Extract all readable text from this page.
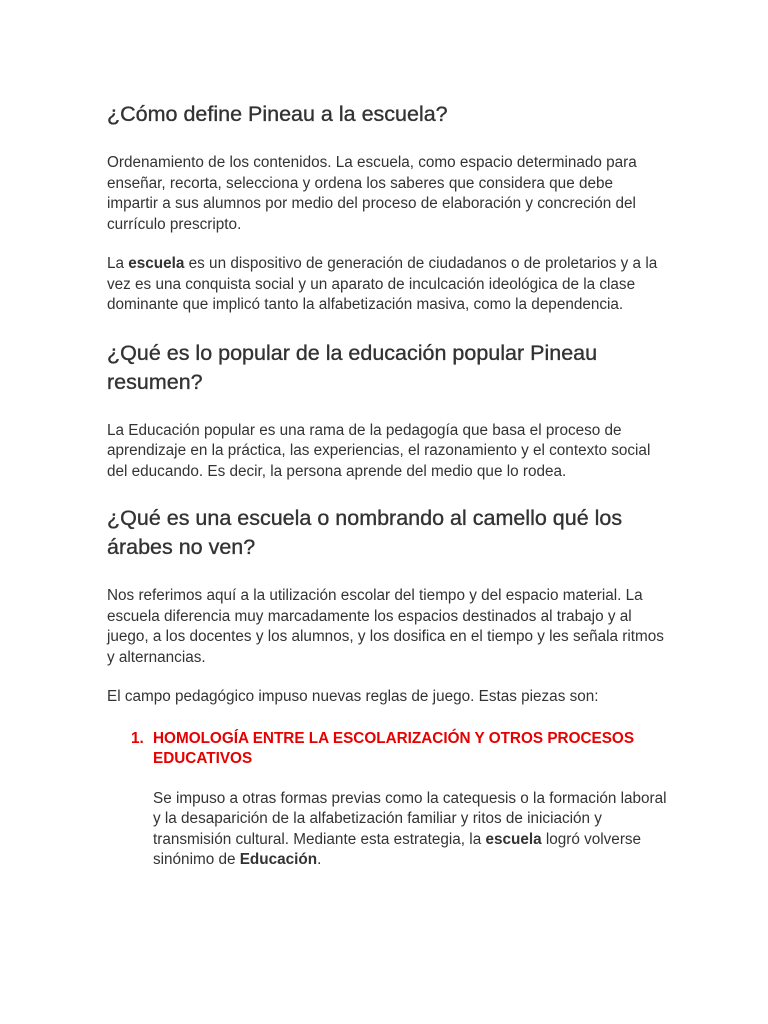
¿Cómo define Pineau a la escuela?

Ordenamiento de los contenidos. La escuela, como espacio determinado para enseñar, recorta, selecciona y ordena los saberes que considera que debe impartir a sus alumnos por medio del proceso de elaboración y concreción del currículo prescripto.

La escuela es un dispositivo de generación de ciudadanos o de proletarios y a la vez es una conquista social y un aparato de inculcación ideológica de la clase dominante que implicó tanto la alfabetización masiva, como la dependencia.

¿Qué es lo popular de la educación popular Pineau resumen?

La Educación popular es una rama de la pedagogía que basa el proceso de aprendizaje en la práctica, las experiencias, el razonamiento y el contexto social del educando. Es decir, la persona aprende del medio que lo rodea.

¿Qué es una escuela o nombrando al camello qué los árabes no ven?

Nos referimos aquí a la utilización escolar del tiempo y del espacio material. La escuela diferencia muy marcadamente los espacios destinados al trabajo y al juego, a los docentes y los alumnos, y los dosifica en el tiempo y les señala ritmos y alternancias.

El campo pedagógico impuso nuevas reglas de juego. Estas piezas son:

1. HOMOLOGÍA ENTRE LA ESCOLARIZACIÓN Y OTROS PROCESOS EDUCATIVOS

Se impuso a otras formas previas como la catequesis o la formación laboral y la desaparición de la alfabetización familiar y ritos de iniciación y transmisión cultural. Mediante esta estrategia, la escuela logró volverse sinónimo de Educación.
